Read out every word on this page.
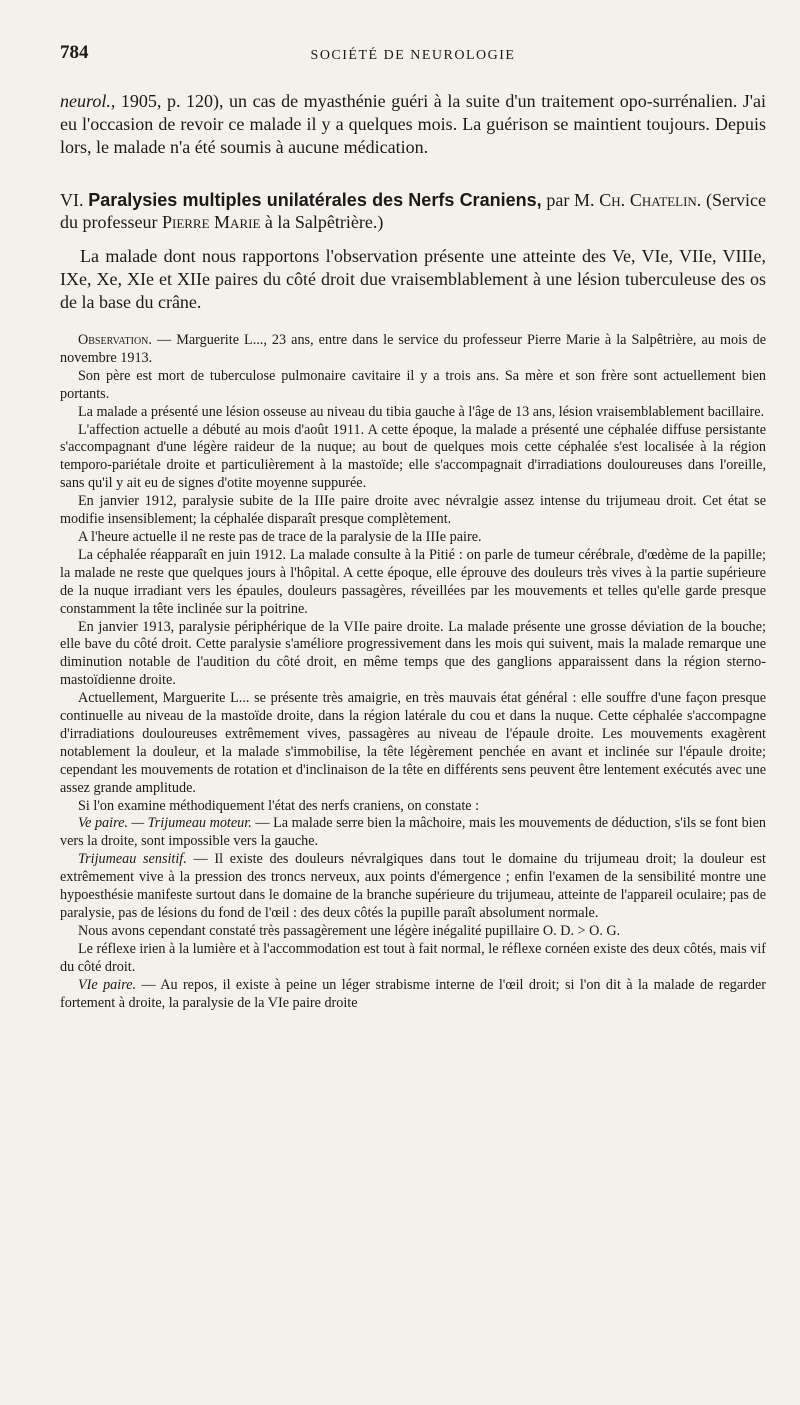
784	SOCIÉTÉ DE NEUROLOGIE

neurol., 1905, p. 120), un cas de myasthénie guéri à la suite d'un traitement opo-surrénalien. J'ai eu l'occasion de revoir ce malade il y a quelques mois. La guérison se maintient toujours. Depuis lors, le malade n'a été soumis à aucune médication.

VI. Paralysies multiples unilatérales des Nerfs Craniens, par M. Ch. Chatelin. (Service du professeur Pierre Marie à la Salpêtrière.)
La malade dont nous rapportons l'observation présente une atteinte des Ve, VIe, VIIe, VIIIe, IXe, Xe, XIe et XIIe paires du côté droit due vraisemblablement à une lésion tuberculeuse des os de la base du crâne.

Observation. — Marguerite L..., 23 ans, entre dans le service du professeur Pierre Marie à la Salpêtrière, au mois de novembre 1913.

Son père est mort de tuberculose pulmonaire cavitaire il y a trois ans. Sa mère et son frère sont actuellement bien portants.

La malade a présenté une lésion osseuse au niveau du tibia gauche à l'âge de 13 ans, lésion vraisemblablement bacillaire.

L'affection actuelle a débuté au mois d'août 1911. A cette époque, la malade a présenté une céphalée diffuse persistante s'accompagnant d'une légère raideur de la nuque; au bout de quelques mois cette céphalée s'est localisée à la région temporo-pariétale droite et particulièrement à la mastoïde; elle s'accompagnait d'irradiations douloureuses dans l'oreille, sans qu'il y ait eu de signes d'otite moyenne suppurée.

En janvier 1912, paralysie subite de la IIIe paire droite avec névralgie assez intense du trijumeau droit. Cet état se modifie insensiblement; la céphalée disparaît presque complètement.

A l'heure actuelle il ne reste pas de trace de la paralysie de la IIIe paire.

La céphalée réapparaît en juin 1912. La malade consulte à la Pitié : on parle de tumeur cérébrale, d'œdème de la papille; la malade ne reste que quelques jours à l'hôpital. A cette époque, elle éprouve des douleurs très vives à la partie supérieure de la nuque irradiant vers les épaules, douleurs passagères, réveillées par les mouvements et telles qu'elle garde presque constamment la tête inclinée sur la poitrine.

En janvier 1913, paralysie périphérique de la VIIe paire droite. La malade présente une grosse déviation de la bouche; elle bave du côté droit. Cette paralysie s'améliore progressivement dans les mois qui suivent, mais la malade remarque une diminution notable de l'audition du côté droit, en même temps que des ganglions apparaissent dans la région sterno-mastoïdienne droite.

Actuellement, Marguerite L... se présente très amaigrie, en très mauvais état général : elle souffre d'une façon presque continuelle au niveau de la mastoïde droite, dans la région latérale du cou et dans la nuque. Cette céphalée s'accompagne d'irradiations douloureuses extrêmement vives, passagères au niveau de l'épaule droite. Les mouvements exagèrent notablement la douleur, et la malade s'immobilise, la tête légèrement penchée en avant et inclinée sur l'épaule droite; cependant les mouvements de rotation et d'inclinaison de la tête en différents sens peuvent être lentement exécutés avec une assez grande amplitude.

Si l'on examine méthodiquement l'état des nerfs craniens, on constate :

Ve paire. — Trijumeau moteur. — La malade serre bien la mâchoire, mais les mouvements de déduction, s'ils se font bien vers la droite, sont impossible vers la gauche.

Trijumeau sensitif. — Il existe des douleurs névralgiques dans tout le domaine du trijumeau droit; la douleur est extrêmement vive à la pression des troncs nerveux, aux points d'émergence ; enfin l'examen de la sensibilité montre une hypoesthésie manifeste surtout dans le domaine de la branche supérieure du trijumeau, atteinte de l'appareil oculaire; pas de paralysie, pas de lésions du fond de l'œil : des deux côtés la pupille paraît absolument normale.

Nous avons cependant constaté très passagèrement une légère inégalité pupillaire O. D. > O. G.

Le réflexe irien à la lumière et à l'accommodation est tout à fait normal, le réflexe cornéen existe des deux côtés, mais vif du côté droit.

VIe paire. — Au repos, il existe à peine un léger strabisme interne de l'œil droit; si l'on dit à la malade de regarder fortement à droite, la paralysie de la VIe paire droite
